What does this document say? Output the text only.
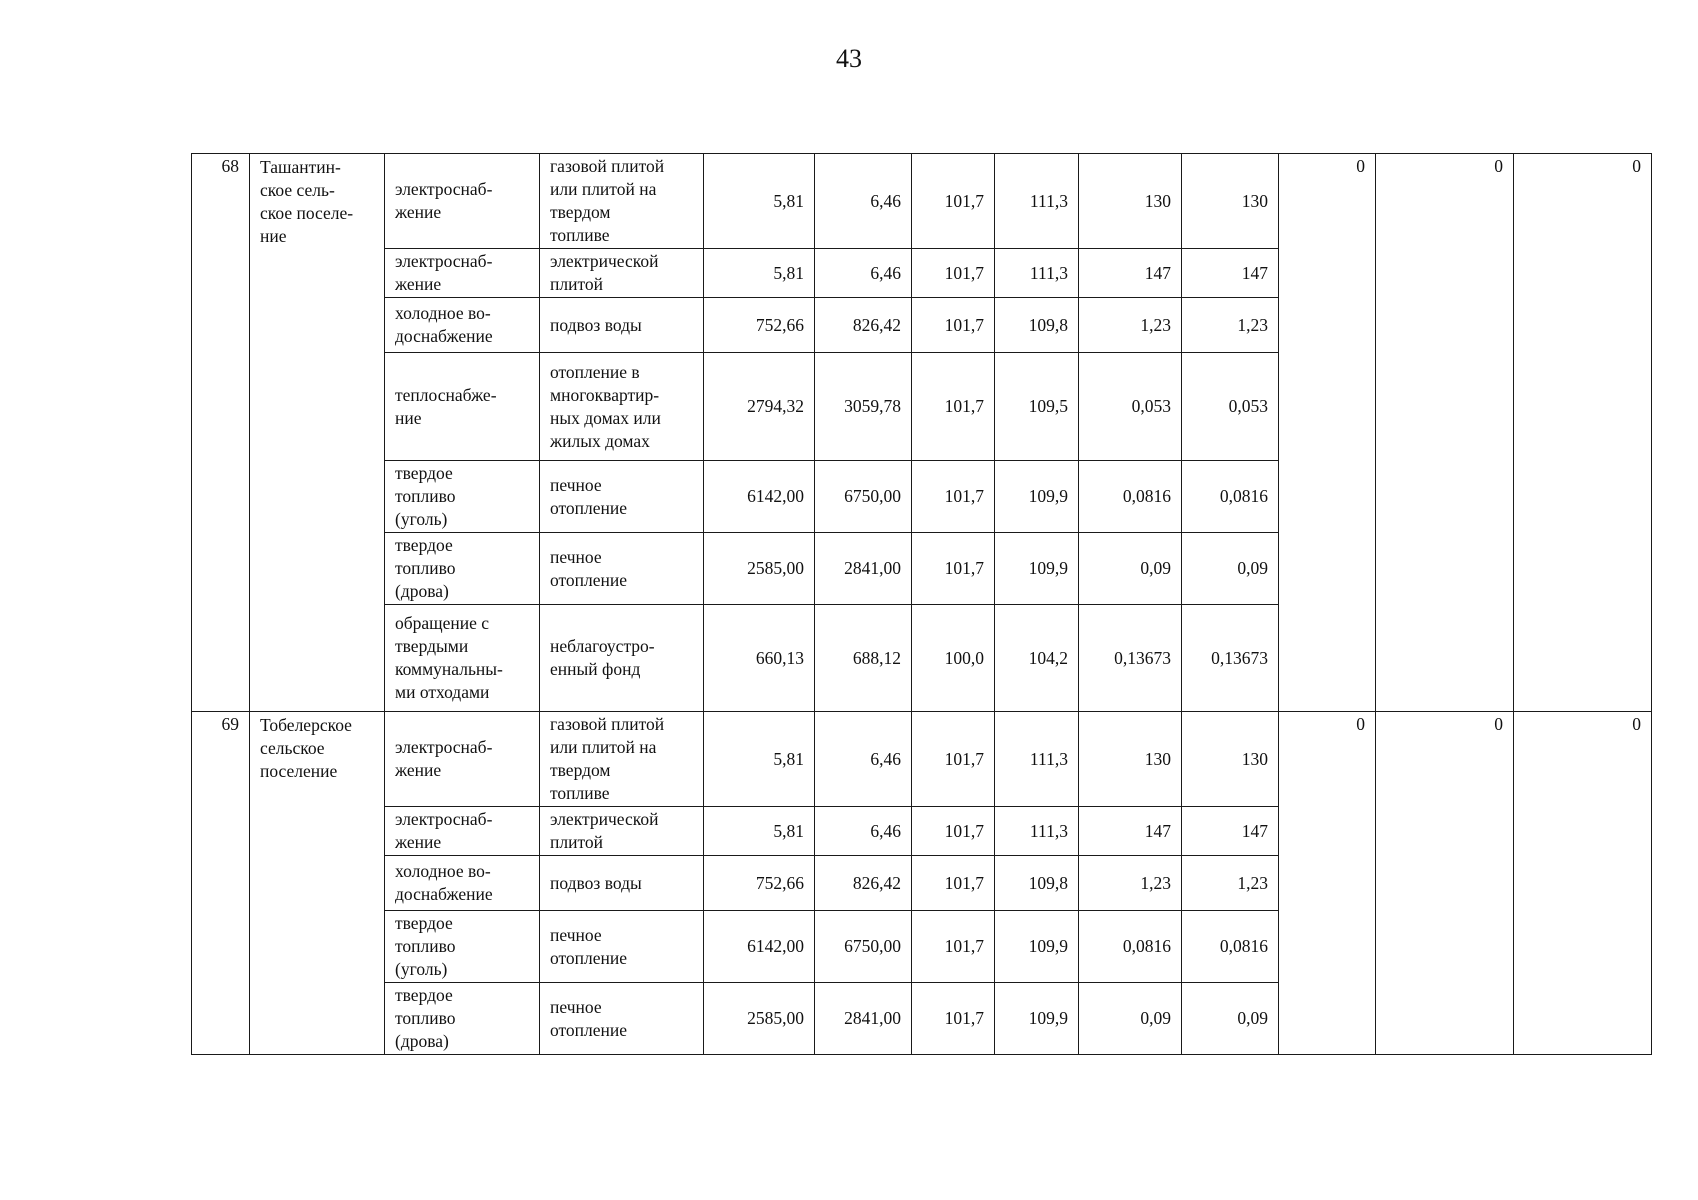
43
68	Ташантин-
ское сель-
ское поселе-
ние	электроснаб-
жение	газовой плитой
или плитой на
твердом
топливе	5,81	6,46	101,7	111,3	130	130	0	0	0
		электроснаб-
жение	электрической
плитой	5,81	6,46	101,7	111,3	147	147			
		холодное во-
доснабжение	подвоз воды	752,66	826,42	101,7	109,8	1,23	1,23			
		теплоснабже-
ние	отопление в
многоквартир-
ных домах или
жилых домах	2794,32	3059,78	101,7	109,5	0,053	0,053			
		твердое
топливо
(уголь)	печное
отопление	6142,00	6750,00	101,7	109,9	0,0816	0,0816			
		твердое
топливо
(дрова)	печное
отопление	2585,00	2841,00	101,7	109,9	0,09	0,09			
		обращение с
твердыми
коммунальны-
ми отходами	неблагоустро-
енный фонд	660,13	688,12	100,0	104,2	0,13673	0,13673			
69	Тобелерское
сельское
поселение	электроснаб-
жение	газовой плитой
или плитой на
твердом
топливе	5,81	6,46	101,7	111,3	130	130	0	0	0
		электроснаб-
жение	электрической
плитой	5,81	6,46	101,7	111,3	147	147			
		холодное во-
доснабжение	подвоз воды	752,66	826,42	101,7	109,8	1,23	1,23			
		твердое
топливо
(уголь)	печное
отопление	6142,00	6750,00	101,7	109,9	0,0816	0,0816			
		твердое
топливо
(дрова)	печное
отопление	2585,00	2841,00	101,7	109,9	0,09	0,09			
